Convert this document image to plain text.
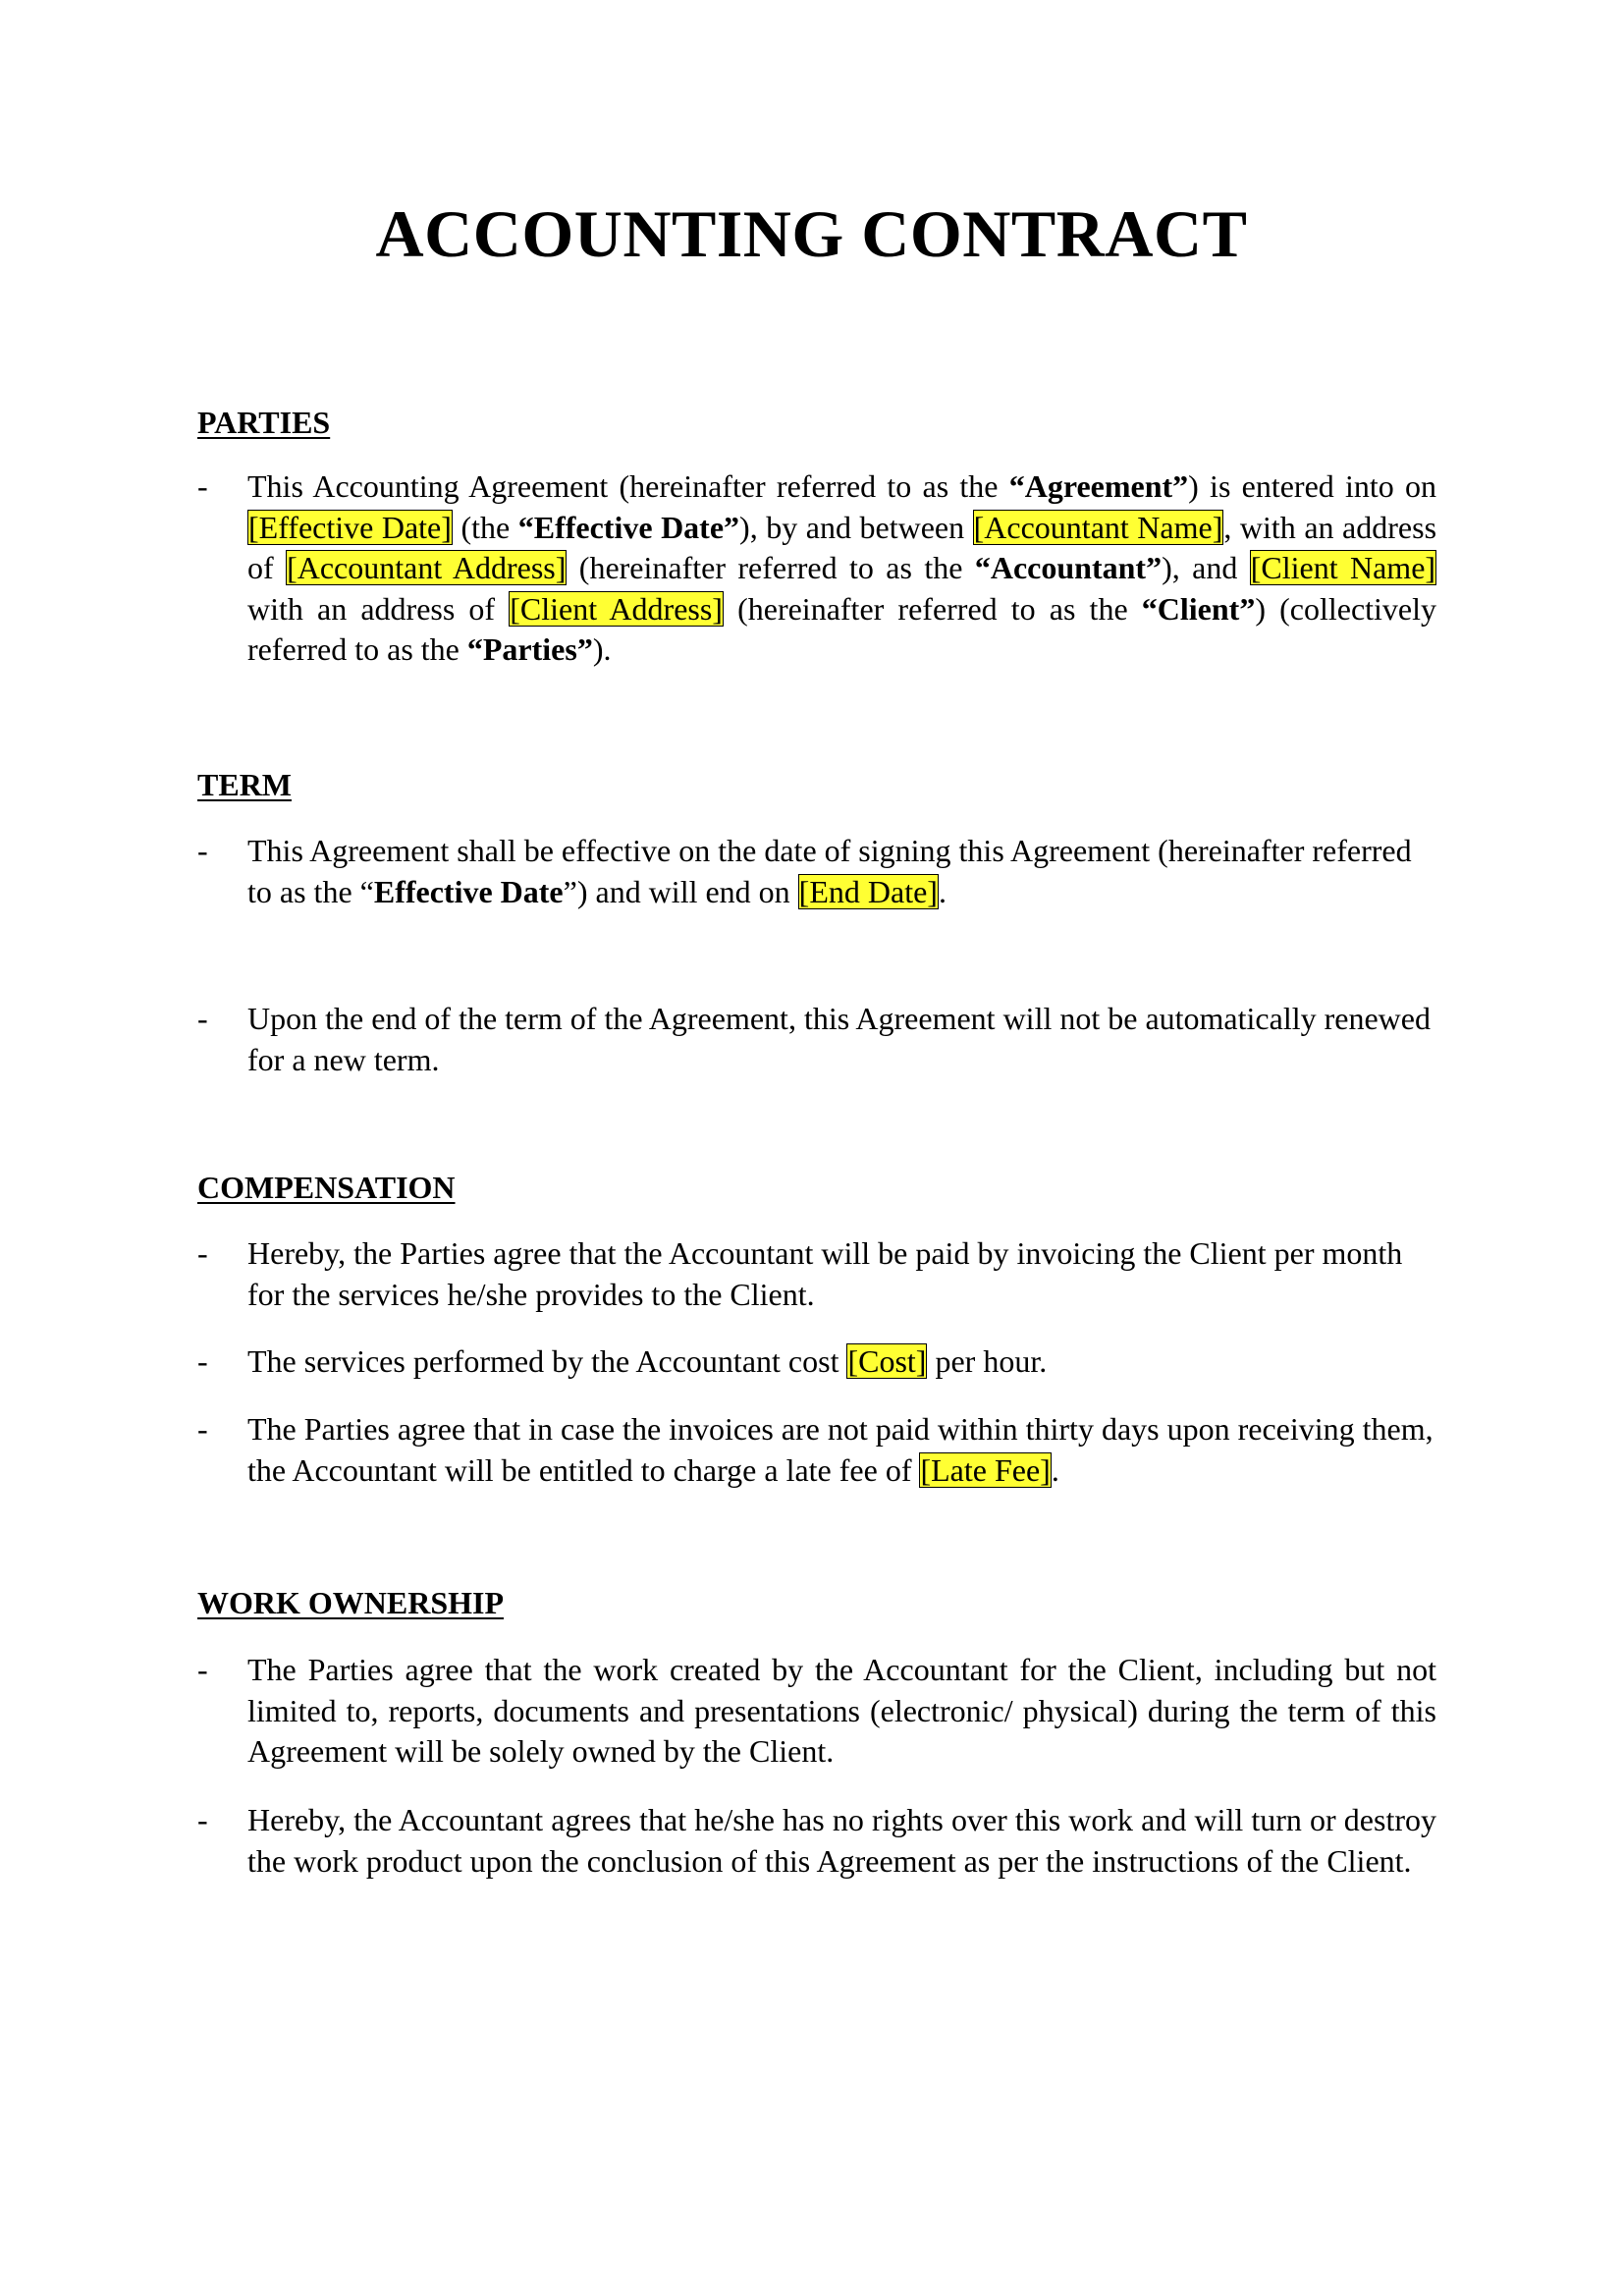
ACCOUNTING CONTRACT
PARTIES
- This Accounting Agreement (hereinafter referred to as the “Agreement”) is entered into on [Effective Date] (the “Effective Date”), by and between [Accountant Name], with an address of [Accountant Address] (hereinafter referred to as the “Accountant”), and [Client Name] with an address of [Client Address] (hereinafter referred to as the “Client”) (collectively referred to as the “Parties”).

TERM
- This Agreement shall be effective on the date of signing this Agreement (hereinafter referred to as the “Effective Date”) and will end on [End Date].

- Upon the end of the term of the Agreement, this Agreement will not be automatically renewed for a new term.

COMPENSATION
- Hereby, the Parties agree that the Accountant will be paid by invoicing the Client per month for the services he/she provides to the Client.

- The services performed by the Accountant cost [Cost] per hour.

- The Parties agree that in case the invoices are not paid within thirty days upon receiving them, the Accountant will be entitled to charge a late fee of [Late Fee].

WORK OWNERSHIP
- The Parties agree that the work created by the Accountant for the Client, including but not limited to, reports, documents and presentations (electronic/ physical) during the term of this Agreement will be solely owned by the Client.

- Hereby, the Accountant agrees that he/she has no rights over this work and will turn or destroy the work product upon the conclusion of this Agreement as per the instructions of the Client.
